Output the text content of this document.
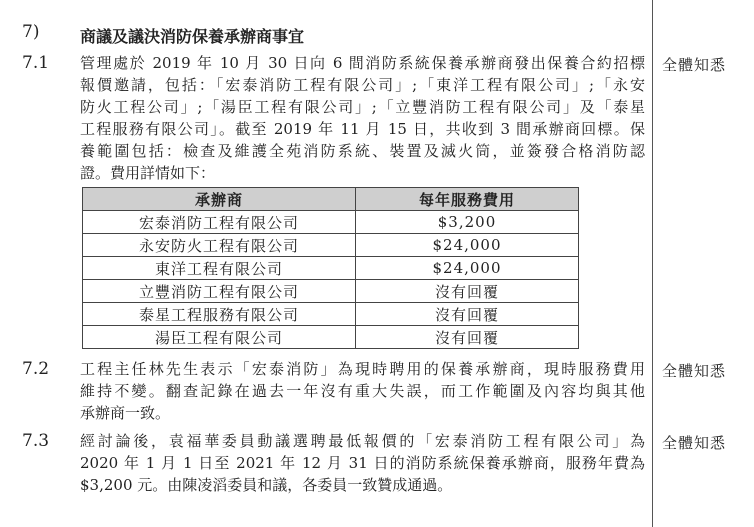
7)	商議及議決消防保養承辦商事宜
7.1 管理處於 2019 年 10 月 30 日向 6 間消防系統保養承辦商發出保養合約招標
報價邀請，包括：「宏泰消防工程有限公司」;「東洋工程有限公司」;「永安
防火工程公司」;「湯臣工程有限公司」;「立豐消防工程有限公司」及「泰星
工程服務有限公司」。截至 2019 年 11 月 15 日，共收到 3 間承辦商回標。保
養範圍包括：檢查及維護全苑消防系統、裝置及滅火筒，並簽發合格消防認
證。費用詳情如下：
全體知悉
承辦商	每年服務費用
宏泰消防工程有限公司	$3,200
永安防火工程有限公司	$24,000
東洋工程有限公司	$24,000
立豐消防工程有限公司	沒有回覆
泰星工程服務有限公司	沒有回覆
湯臣工程有限公司	沒有回覆
7.2 工程主任林先生表示「宏泰消防」為現時聘用的保養承辦商，現時服務費用
維持不變。翻查記錄在過去一年沒有重大失誤，而工作範圍及內容均與其他
承辦商一致。
全體知悉
7.3 經討論後，袁福華委員動議選聘最低報價的「宏泰消防工程有限公司」為
2020 年 1 月 1 日至 2021 年 12 月 31 日的消防系統保養承辦商，服務年費為
$3,200 元。由陳凌滔委員和議，各委員一致贊成通過。
全體知悉
